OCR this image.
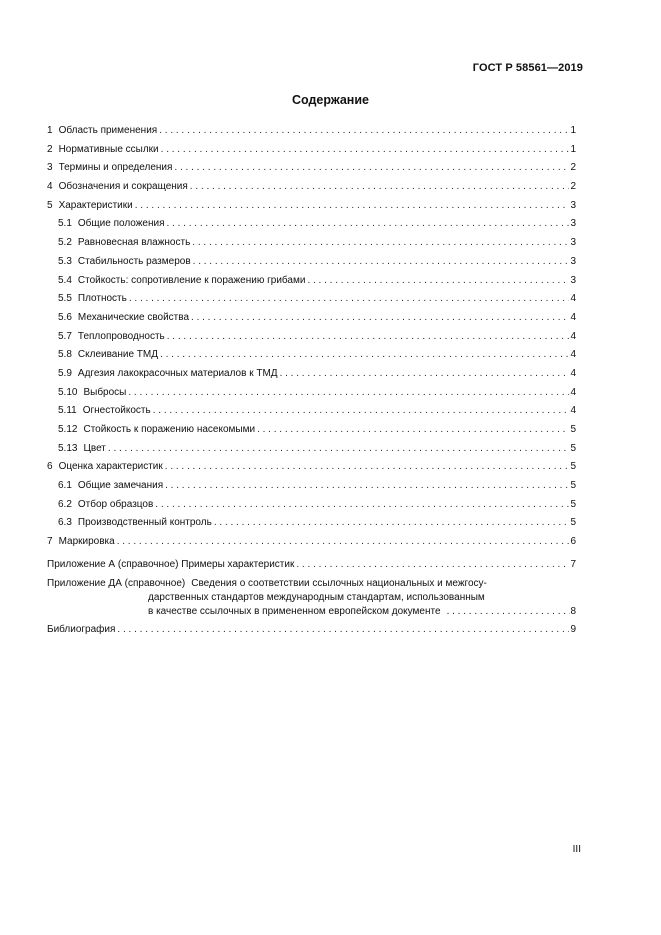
ГОСТ Р 58561—2019
Содержание
1 Область применения . . .	1
2 Нормативные ссылки . . .	1
3 Термины и определения . . .	2
4 Обозначения и сокращения . . .	2
5 Характеристики . . .	3
5.1 Общие положения . . .	3
5.2 Равновесная влажность . . .	3
5.3 Стабильность размеров . . .	3
5.4 Стойкость: сопротивление к поражению грибами . . .	3
5.5 Плотность . . .	4
5.6 Механические свойства . . .	4
5.7 Теплопроводность . . .	4
5.8 Склеивание ТМД . . .	4
5.9 Адгезия лакокрасочных материалов к ТМД . . .	4
5.10 Выбросы . . .	4
5.11 Огнестойкость . . .	4
5.12 Стойкость к поражению насекомыми . . .	5
5.13 Цвет . . .	5
6 Оценка характеристик . . .	5
6.1 Общие замечания . . .	5
6.2 Отбор образцов . . .	5
6.3 Производственный контроль . . .	5
7 Маркировка . . .	6
Приложение А (справочное) Примеры характеристик . . .	7
Приложение ДА (справочное) Сведения о соответствии ссылочных национальных и межгосу-
дарственных стандартов международным стандартам, использованным
в качестве ссылочных в примененном европейском документе . . .	8
Библиография . . .	9
III
